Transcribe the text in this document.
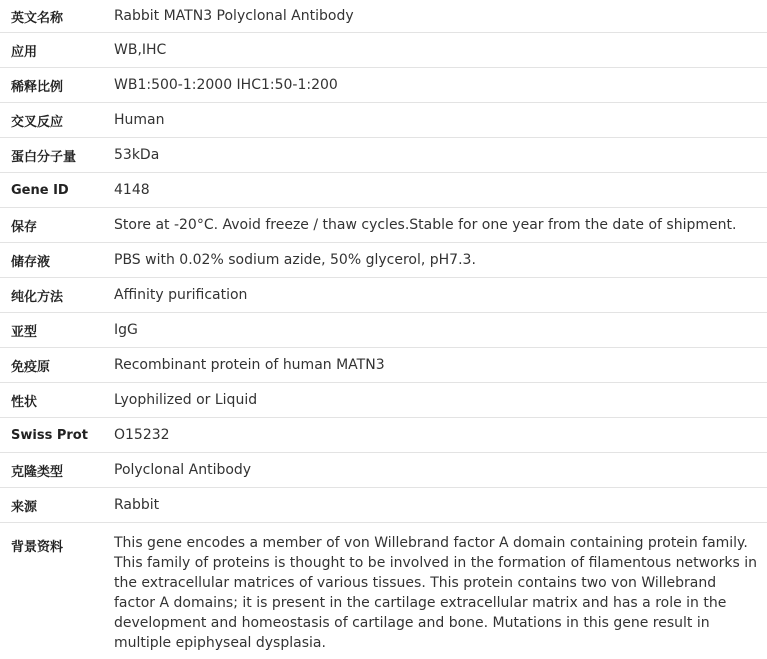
英文名称	Rabbit MATN3 Polyclonal Antibody
应用	WB,IHC
稀释比例	WB1:500-1:2000 IHC1:50-1:200
交叉反应	Human
蛋白分子量	53kDa
Gene ID	4148
保存	Store at -20°C. Avoid freeze / thaw cycles.Stable for one year from the date of shipment.
储存液	PBS with 0.02% sodium azide, 50% glycerol, pH7.3.
纯化方法	Affinity purification
亚型	IgG
免疫原	Recombinant protein of human MATN3
性状	Lyophilized or Liquid
Swiss Prot	O15232
克隆类型	Polyclonal Antibody
来源	Rabbit
背景资料	This gene encodes a member of von Willebrand factor A domain containing protein family. This family of proteins is thought to be involved in the formation of filamentous networks in the extracellular matrices of various tissues. This protein contains two von Willebrand factor A domains; it is present in the cartilage extracellular matrix and has a role in the development and homeostasis of cartilage and bone. Mutations in this gene result in multiple epiphyseal dysplasia.
